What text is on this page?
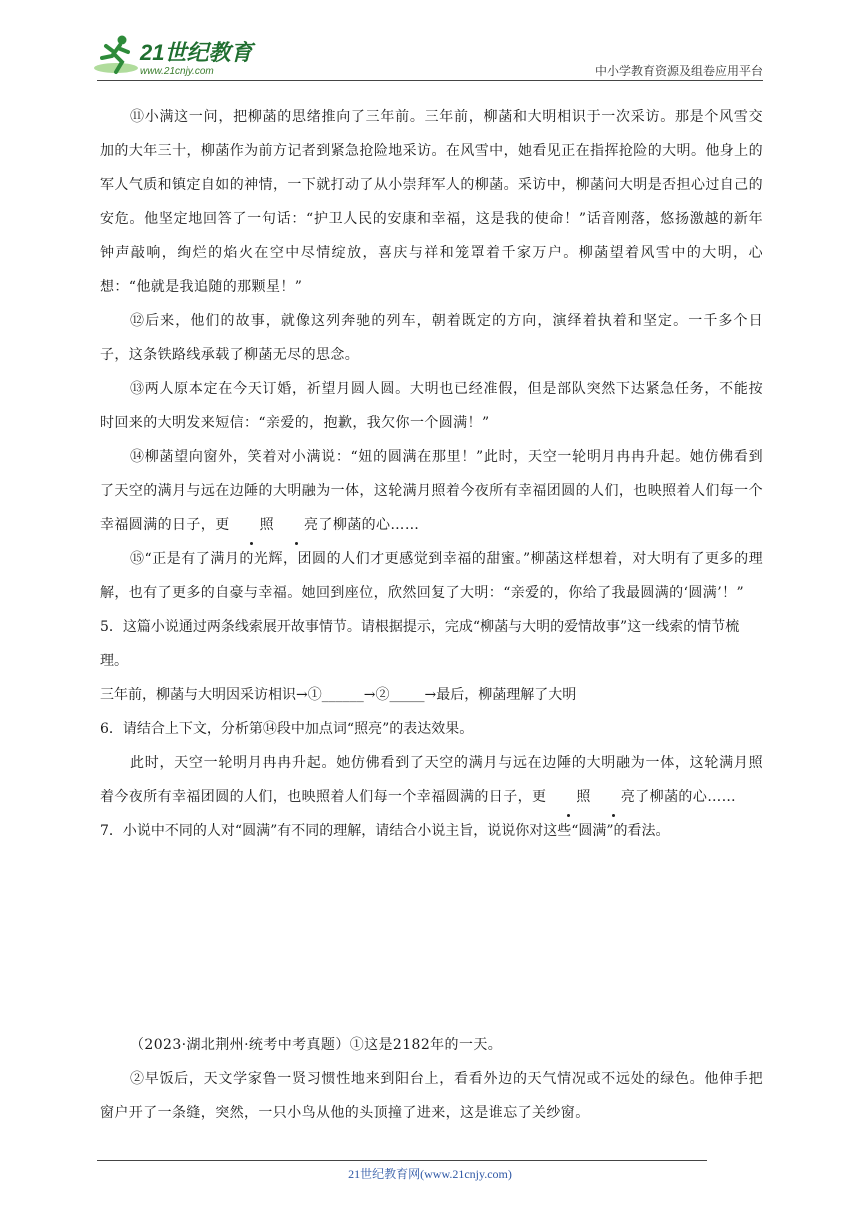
21世纪教育
www.21cnjy.com	中小学教育资源及组卷应用平台

⑪小满这一问，把柳菡的思绪推向了三年前。三年前，柳菡和大明相识于一次采访。那是个风雪交加的大年三十，柳菡作为前方记者到紧急抢险地采访。在风雪中，她看见正在指挥抢险的大明。他身上的军人气质和镇定自如的神情，一下就打动了从小崇拜军人的柳菡。采访中，柳菡问大明是否担心过自己的安危。他坚定地回答了一句话：“护卫人民的安康和幸福，这是我的使命！”话音刚落，悠扬激越的新年钟声敲响，绚烂的焰火在空中尽情绽放，喜庆与祥和笼罩着千家万户。柳菡望着风雪中的大明，心想：“他就是我追随的那颗星！”

⑫后来，他们的故事，就像这列奔驰的列车，朝着既定的方向，演绎着执着和坚定。一千多个日子，这条铁路线承载了柳菡无尽的思念。

⑬两人原本定在今天订婚，祈望月圆人圆。大明也已经准假，但是部队突然下达紧急任务，不能按时回来的大明发来短信：“亲爱的，抱歉，我欠你一个圆满！”

⑭柳菡望向窗外，笑着对小满说：“妞的圆满在那里！”此时，天空一轮明月冉冉升起。她仿佛看到了天空的满月与远在边陲的大明融为一体，这轮满月照着今夜所有幸福团圆的人们，也映照着人们每一个幸福圆满的日子，更 照 亮了柳菡的心……

⑮“正是有了满月的光辉，团圆的人们才更感觉到幸福的甜蜜。”柳菡这样想着，对大明有了更多的理解，也有了更多的自豪与幸福。她回到座位，欣然回复了大明：“亲爱的，你给了我最圆满的‘圆满’！”

5．这篇小说通过两条线索展开故事情节。请根据提示，完成“柳菡与大明的爱情故事”这一线索的情节梳理。

三年前，柳菡与大明因采访相识→①______→②_____→最后，柳菡理解了大明

6．请结合上下文，分析第⑭段中加点词“照亮”的表达效果。

此时，天空一轮明月冉冉升起。她仿佛看到了天空的满月与远在边陲的大明融为一体，这轮满月照着今夜所有幸福团圆的人们，也映照着人们每一个幸福圆满的日子，更 照 亮了柳菡的心……

7．小说中不同的人对“圆满”有不同的理解，请结合小说主旨，说说你对这些“圆满”的看法。

（2023·湖北荆州·统考中考真题）①这是2182年的一天。

②早饭后，天文学家鲁一贤习惯性地来到阳台上，看看外边的天气情况或不远处的绿色。他伸手把窗户开了一条缝，突然，一只小鸟从他的头顶撞了进来，这是谁忘了关纱窗。

21世纪教育网(www.21cnjy.com)
